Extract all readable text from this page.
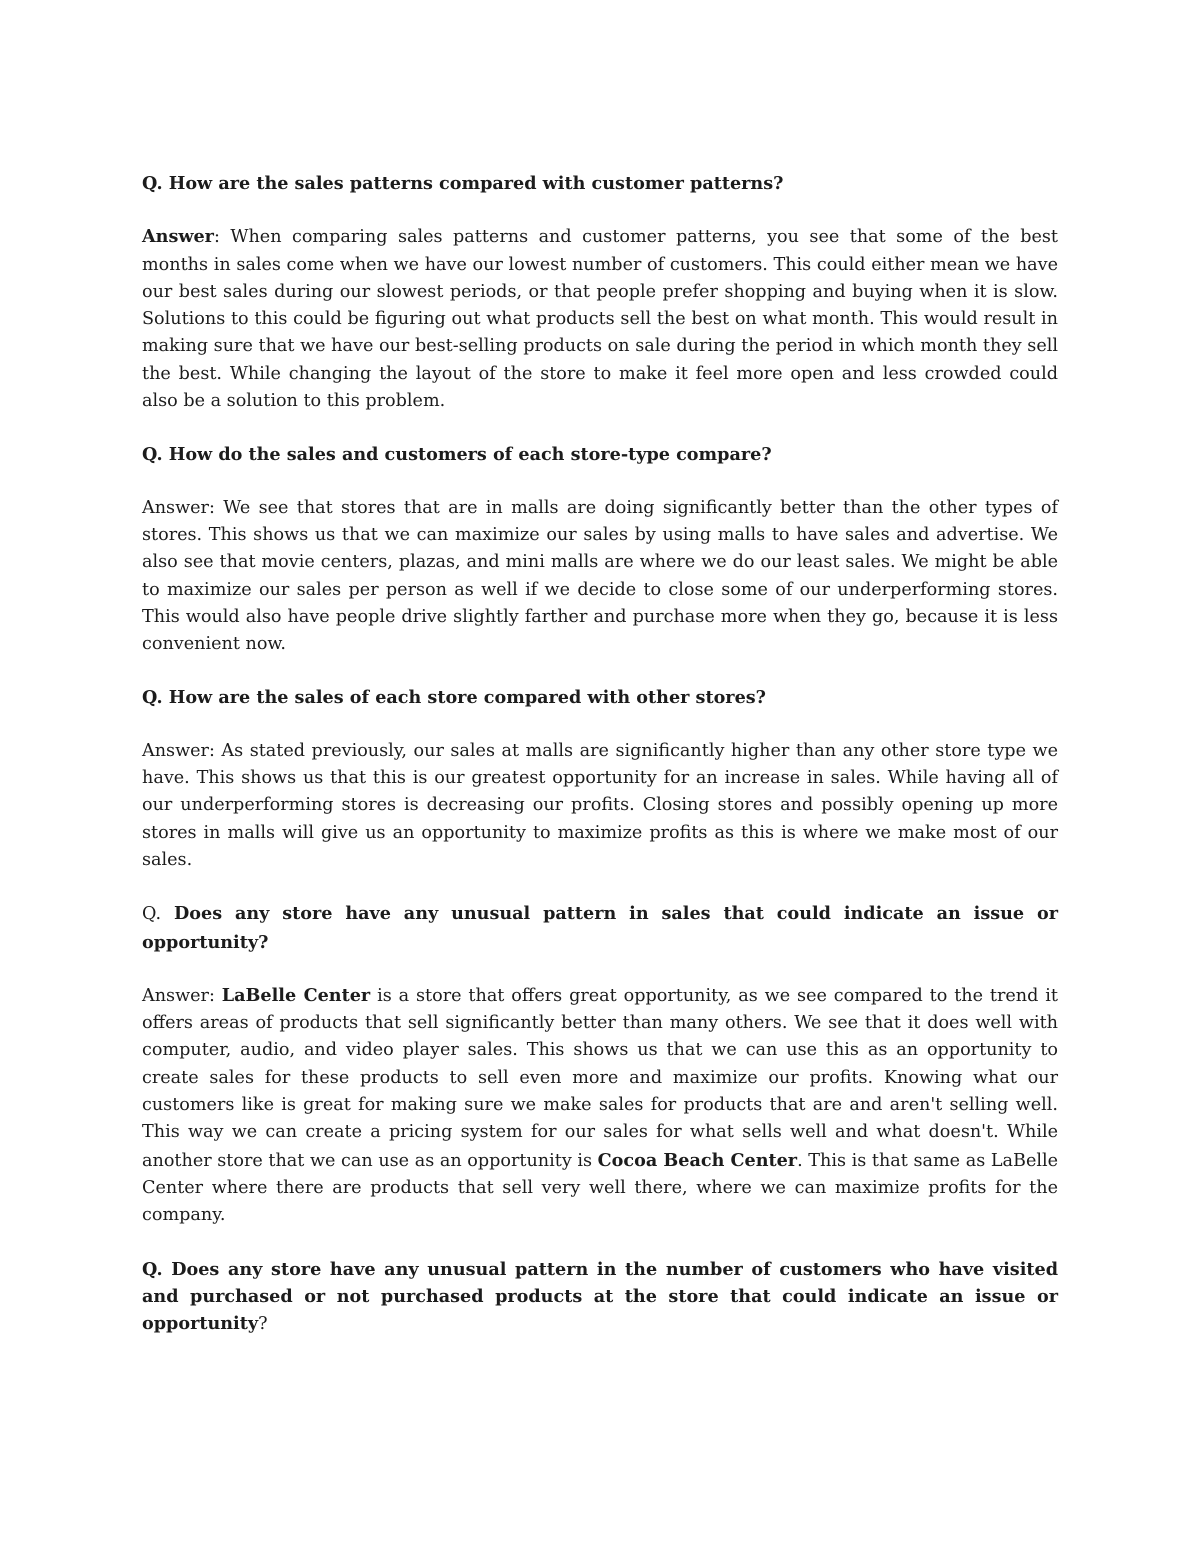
Q. How are the sales patterns compared with customer patterns?

Answer: When comparing sales patterns and customer patterns, you see that some of the best months in sales come when we have our lowest number of customers. This could either mean we have our best sales during our slowest periods, or that people prefer shopping and buying when it is slow. Solutions to this could be figuring out what products sell the best on what month. This would result in making sure that we have our best-selling products on sale during the period in which month they sell the best. While changing the layout of the store to make it feel more open and less crowded could also be a solution to this problem.

Q. How do the sales and customers of each store-type compare?

Answer: We see that stores that are in malls are doing significantly better than the other types of stores. This shows us that we can maximize our sales by using malls to have sales and advertise. We also see that movie centers, plazas, and mini malls are where we do our least sales. We might be able to maximize our sales per person as well if we decide to close some of our underperforming stores. This would also have people drive slightly farther and purchase more when they go, because it is less convenient now.

Q. How are the sales of each store compared with other stores?

Answer: As stated previously, our sales at malls are significantly higher than any other store type we have. This shows us that this is our greatest opportunity for an increase in sales. While having all of our underperforming stores is decreasing our profits. Closing stores and possibly opening up more stores in malls will give us an opportunity to maximize profits as this is where we make most of our sales.

Q. Does any store have any unusual pattern in sales that could indicate an issue or opportunity?

Answer: LaBelle Center is a store that offers great opportunity, as we see compared to the trend it offers areas of products that sell significantly better than many others. We see that it does well with computer, audio, and video player sales. This shows us that we can use this as an opportunity to create sales for these products to sell even more and maximize our profits. Knowing what our customers like is great for making sure we make sales for products that are and aren't selling well. This way we can create a pricing system for our sales for what sells well and what doesn't. While another store that we can use as an opportunity is Cocoa Beach Center. This is that same as LaBelle Center where there are products that sell very well there, where we can maximize profits for the company.

Q. Does any store have any unusual pattern in the number of customers who have visited and purchased or not purchased products at the store that could indicate an issue or opportunity?
